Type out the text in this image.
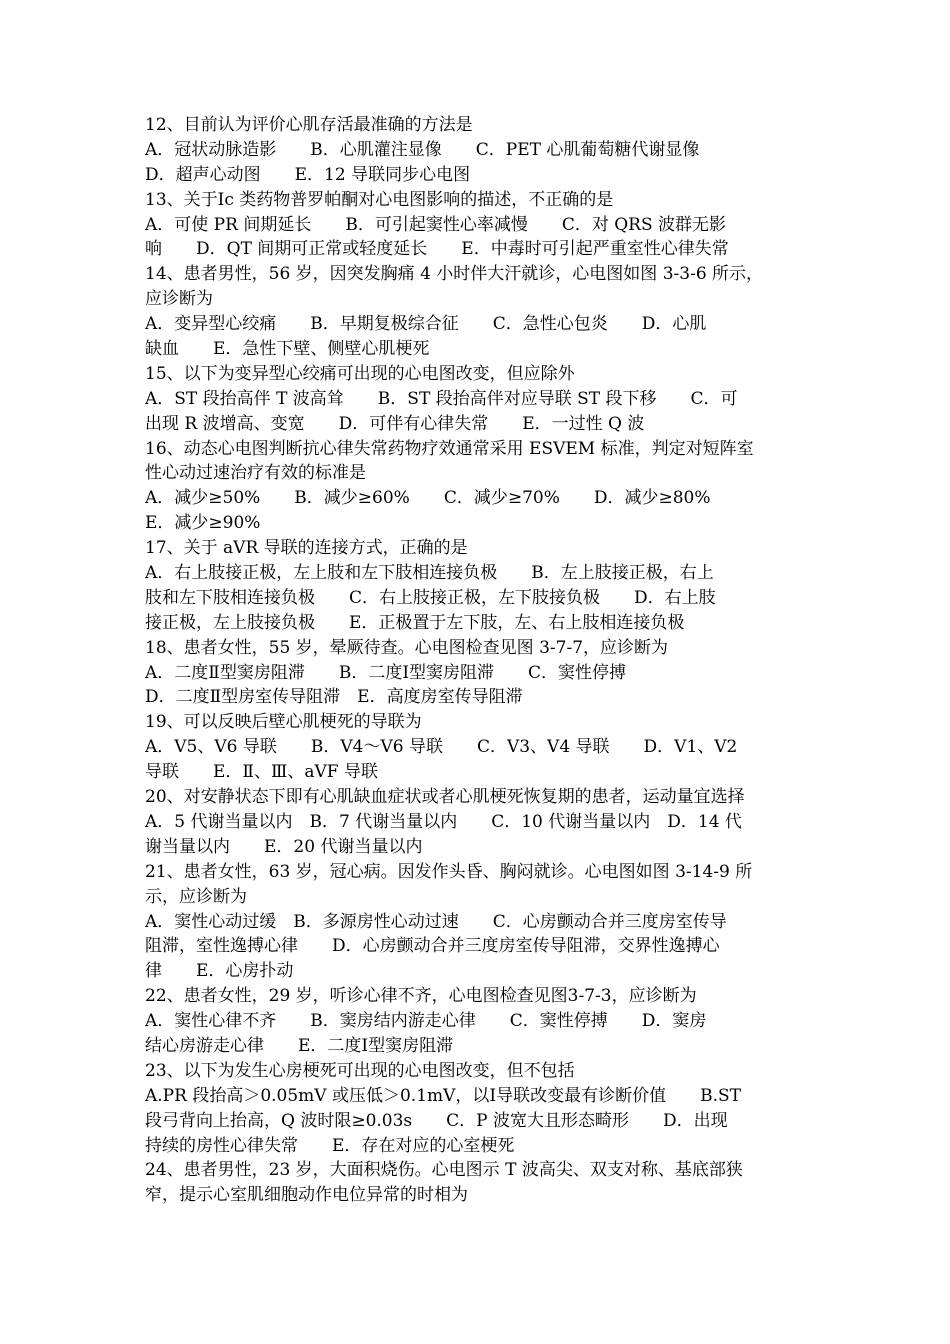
12、目前认为评价心肌存活最准确的方法是
A．冠状动脉造影　　B．心肌灌注显像　　C．PET 心肌葡萄糖代谢显像
D．超声心动图　　E．12 导联同步心电图
13、关于Ⅰc 类药物普罗帕酮对心电图影响的描述，不正确的是
A．可使 PR 间期延长　　B．可引起窦性心率减慢　　C．对 QRS 波群无影
响　　D．QT 间期可正常或轻度延长　　E．中毒时可引起严重室性心律失常
14、患者男性，56 岁，因突发胸痛 4 小时伴大汗就诊，心电图如图 3-3-6 所示，
应诊断为
A．变异型心绞痛　　B．早期复极综合征　　C．急性心包炎　　D．心肌
缺血　　E．急性下壁、侧壁心肌梗死
15、以下为变异型心绞痛可出现的心电图改变，但应除外
A．ST 段抬高伴 T 波高耸　　B．ST 段抬高伴对应导联 ST 段下移　　C．可
出现 R 波增高、变宽　　D．可伴有心律失常　　E．一过性 Q 波
16、动态心电图判断抗心律失常药物疗效通常采用 ESVEM 标准，判定对短阵室
性心动过速治疗有效的标准是
A．减少≥50%　　B．减少≥60%　　C．减少≥70%　　D．减少≥80%
E．减少≥90%
17、关于 aVR 导联的连接方式，正确的是
A．右上肢接正极，左上肢和左下肢相连接负极　　B．左上肢接正极，右上
肢和左下肢相连接负极　　C．右上肢接正极，左下肢接负极　　D．右上肢
接正极，左上肢接负极　　E．正极置于左下肢，左、右上肢相连接负极
18、患者女性，55 岁，晕厥待查。心电图检查见图 3-7-7，应诊断为
A．二度Ⅱ型窦房阻滞　　B．二度Ⅰ型窦房阻滞　　C．窦性停搏
D．二度Ⅱ型房室传导阻滞　E．高度房室传导阻滞
19、可以反映后壁心肌梗死的导联为
A．V5、V6 导联　　B．V4～V6 导联　　C．V3、V4 导联　　D．V1、V2
导联　　E．Ⅱ、Ⅲ、aVF 导联
20、对安静状态下即有心肌缺血症状或者心肌梗死恢复期的患者，运动量宜选择
A．5 代谢当量以内　B．7 代谢当量以内　　C．10 代谢当量以内　D．14 代
谢当量以内　　E．20 代谢当量以内
21、患者女性，63 岁，冠心病。因发作头昏、胸闷就诊。心电图如图 3-14-9 所
示，应诊断为
A．窦性心动过缓　B．多源房性心动过速　　C．心房颤动合并三度房室传导
阻滞，室性逸搏心律　　D．心房颤动合并三度房室传导阻滞，交界性逸搏心
律　　E．心房扑动
22、患者女性，29 岁，听诊心律不齐，心电图检查见图3-7-3，应诊断为
A．窦性心律不齐　　B．窦房结内游走心律　　C．窦性停搏　　D．窦房
结心房游走心律　　E．二度Ⅰ型窦房阻滞
23、以下为发生心房梗死可出现的心电图改变，但不包括
A.PR 段抬高＞0.05mV 或压低＞0.1mV，以Ⅰ导联改变最有诊断价值　　B.ST
段弓背向上抬高，Q 波时限≥0.03s　　C．P 波宽大且形态畸形　　D．出现
持续的房性心律失常　　E．存在对应的心室梗死
24、患者男性，23 岁，大面积烧伤。心电图示 T 波高尖、双支对称、基底部狭
窄，提示心室肌细胞动作电位异常的时相为
